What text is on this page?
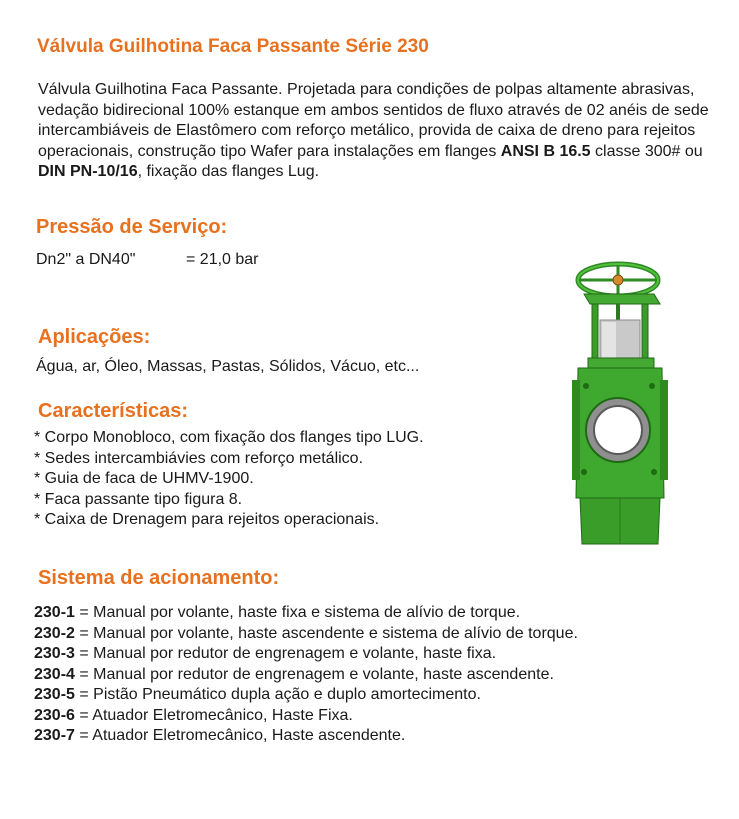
Válvula Guilhotina Faca Passante Série 230
Válvula Guilhotina Faca Passante. Projetada para condições de polpas altamente abrasivas, vedação bidirecional 100% estanque em ambos sentidos de fluxo através de 02 anéis de sede intercambiáveis de Elastômero com reforço metálico, provida de caixa de dreno para rejeitos operacionais, construção tipo Wafer para instalações em flanges ANSI B 16.5 classe 300# ou DIN PN-10/16, fixação das flanges Lug.
Pressão de Serviço:
Dn2" a DN40"	= 21,0 bar
Aplicações:
Água, ar, Óleo, Massas, Pastas, Sólidos, Vácuo, etc...
Características:
* Corpo Monobloco, com fixação dos flanges tipo LUG.
* Sedes intercambiávies com reforço metálico.
* Guia de faca de UHMV-1900.
* Faca passante tipo figura 8.
* Caixa de Drenagem para rejeitos operacionais.
Sistema de acionamento:
230-1 = Manual por volante, haste fixa e sistema de alívio de torque.
230-2 = Manual por volante, haste ascendente e sistema de alívio de torque.
230-3 = Manual por redutor de engrenagem e volante, haste fixa.
230-4 = Manual por redutor de engrenagem e volante, haste ascendente.
230-5 = Pistão Pneumático dupla ação e duplo amortecimento.
230-6 = Atuador Eletromecânico, Haste Fixa.
230-7 = Atuador Eletromecânico, Haste ascendente.
